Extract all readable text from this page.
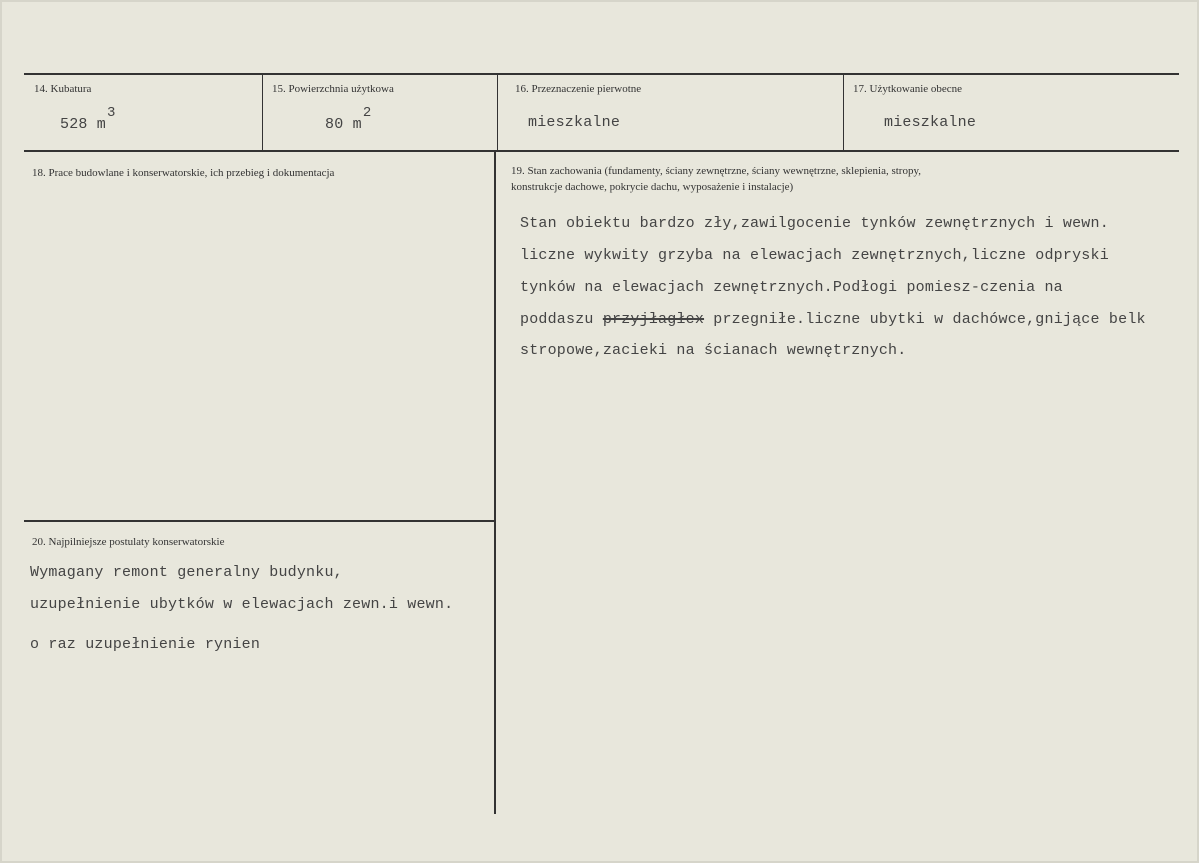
14. Kubatura
528 m3
15. Powierzchnia użytkowa
80 m2
16. Przeznaczenie pierwotne
mieszkalne
17. Użytkowanie obecne
mieszkalne
18. Prace budowlane i konserwatorskie, ich przebieg i dokumentacja	19. Stan zachowania (fundamenty, ściany zewnętrzne, ściany wewnętrzne, sklepienia, stropy,
konstrukcje dachowe, pokrycie dachu, wyposażenie i instalacje)
Stan obiektu bardzo zły,zawilgocenie tynków zewnętrznych i wewn.
liczne wykwity grzyba na elewacjach zewnętrznych,liczne odpryski
tynków na elewacjach zewnętrznych.Podłogi pomiesz-czenia na
poddaszu przyjłagłex przegniłe.liczne ubytki w dachówce,gnijące belk
stropowe,zacieki na ścianach wewnętrznych.
20. Najpilniejsze postulaty konserwatorskie
Wymagany remont generalny budynku,
uzupełnienie ubytków w elewacjach zewn.i wewn.
o raz uzupełnienie rynien
